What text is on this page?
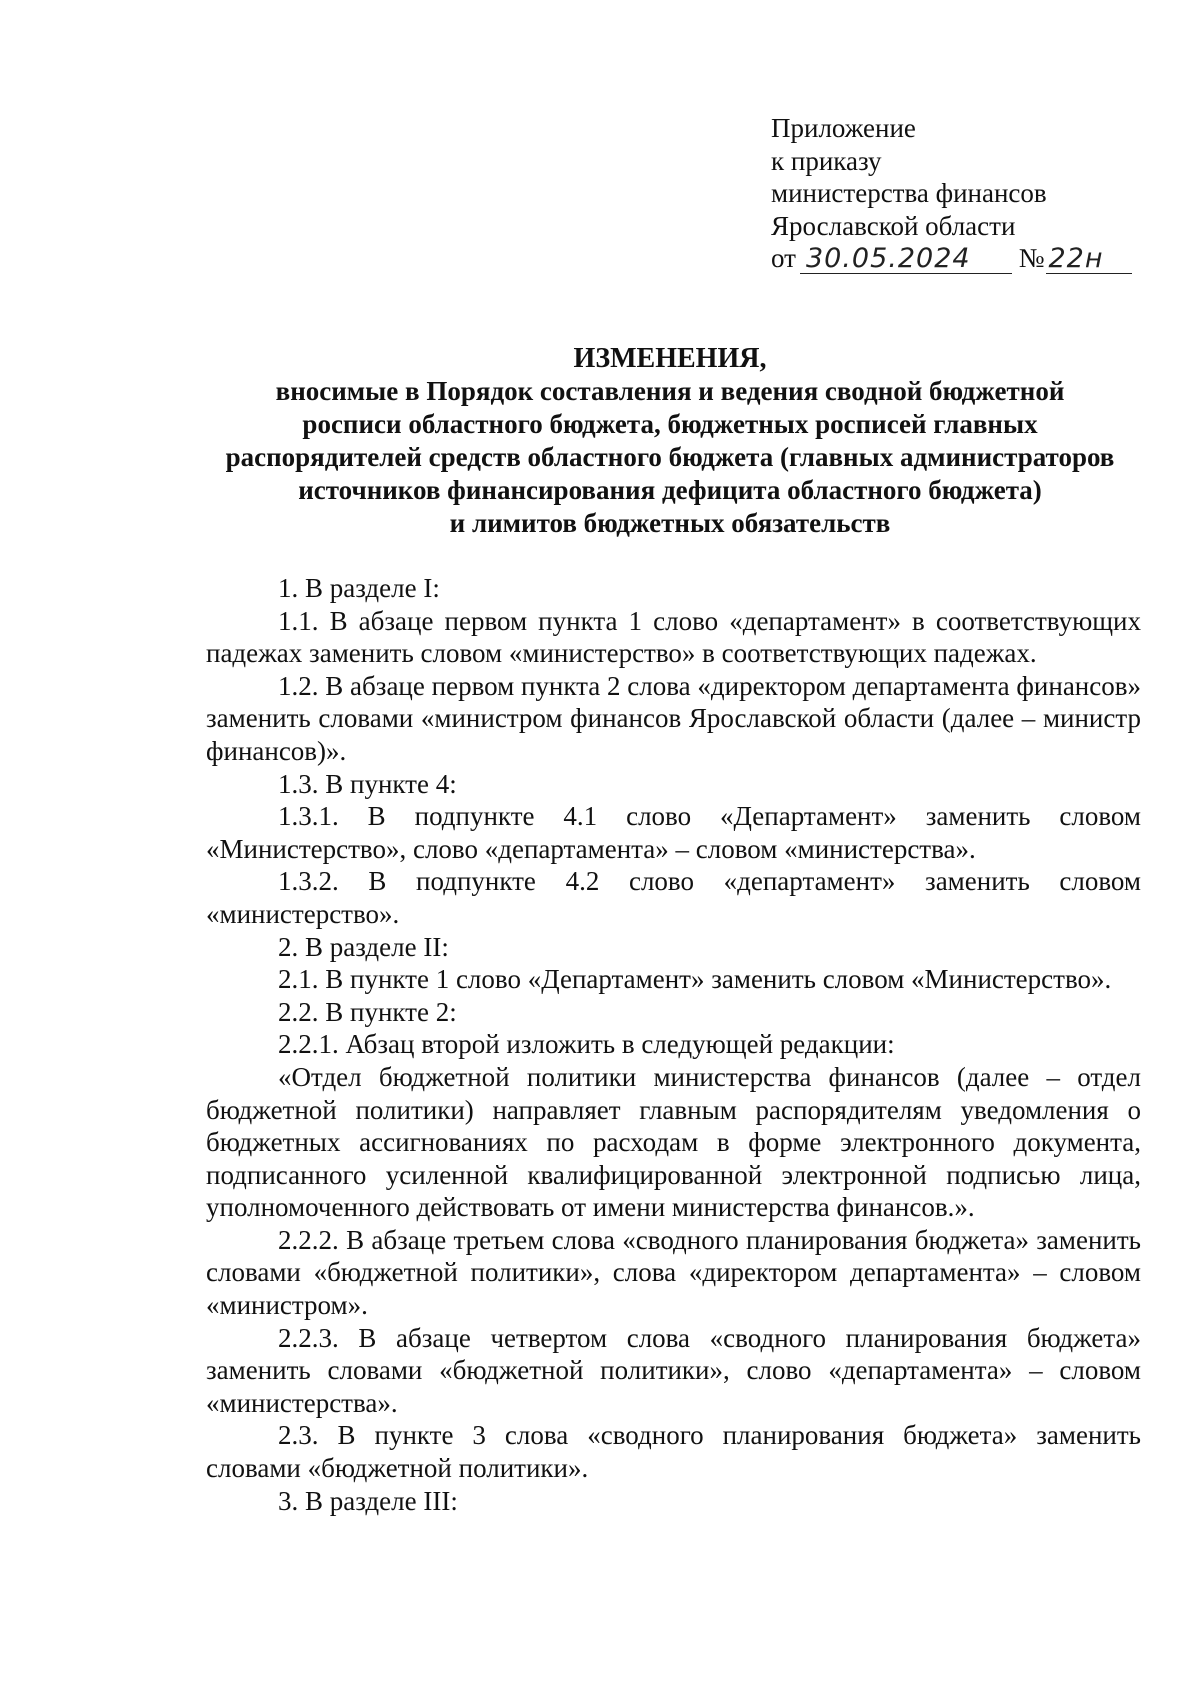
Приложение
к приказу
министерства финансов
Ярославской области
от 30.05.2024 № 22н
ИЗМЕНЕНИЯ,
вносимые в Порядок составления и ведения сводной бюджетной
росписи областного бюджета, бюджетных росписей главных
распорядителей средств областного бюджета (главных администраторов
источников финансирования дефицита областного бюджета)
и лимитов бюджетных обязательств

1. В разделе I:

1.1. В абзаце первом пункта 1 слово «департамент» в соответствующих падежах заменить словом «министерство» в соответствующих падежах.

1.2. В абзаце первом пункта 2 слова «директором департамента финансов» заменить словами «министром финансов Ярославской области (далее – министр финансов)».

1.3. В пункте 4:

1.3.1. В подпункте 4.1 слово «Департамент» заменить словом «Министерство», слово «департамента» – словом «министерства».

1.3.2. В подпункте 4.2 слово «департамент» заменить словом «министерство».

2. В разделе II:

2.1. В пункте 1 слово «Департамент» заменить словом «Министерство».

2.2. В пункте 2:

2.2.1. Абзац второй изложить в следующей редакции:

«Отдел бюджетной политики министерства финансов (далее – отдел бюджетной политики) направляет главным распорядителям уведомления о бюджетных ассигнованиях по расходам в форме электронного документа, подписанного усиленной квалифицированной электронной подписью лица, уполномоченного действовать от имени министерства финансов.».

2.2.2. В абзаце третьем слова «сводного планирования бюджета» заменить словами «бюджетной политики», слова «директором департамента» – словом «министром».

2.2.3. В абзаце четвертом слова «сводного планирования бюджета» заменить словами «бюджетной политики», слово «департамента» – словом «министерства».

2.3. В пункте 3 слова «сводного планирования бюджета» заменить словами «бюджетной политики».

3. В разделе III:
